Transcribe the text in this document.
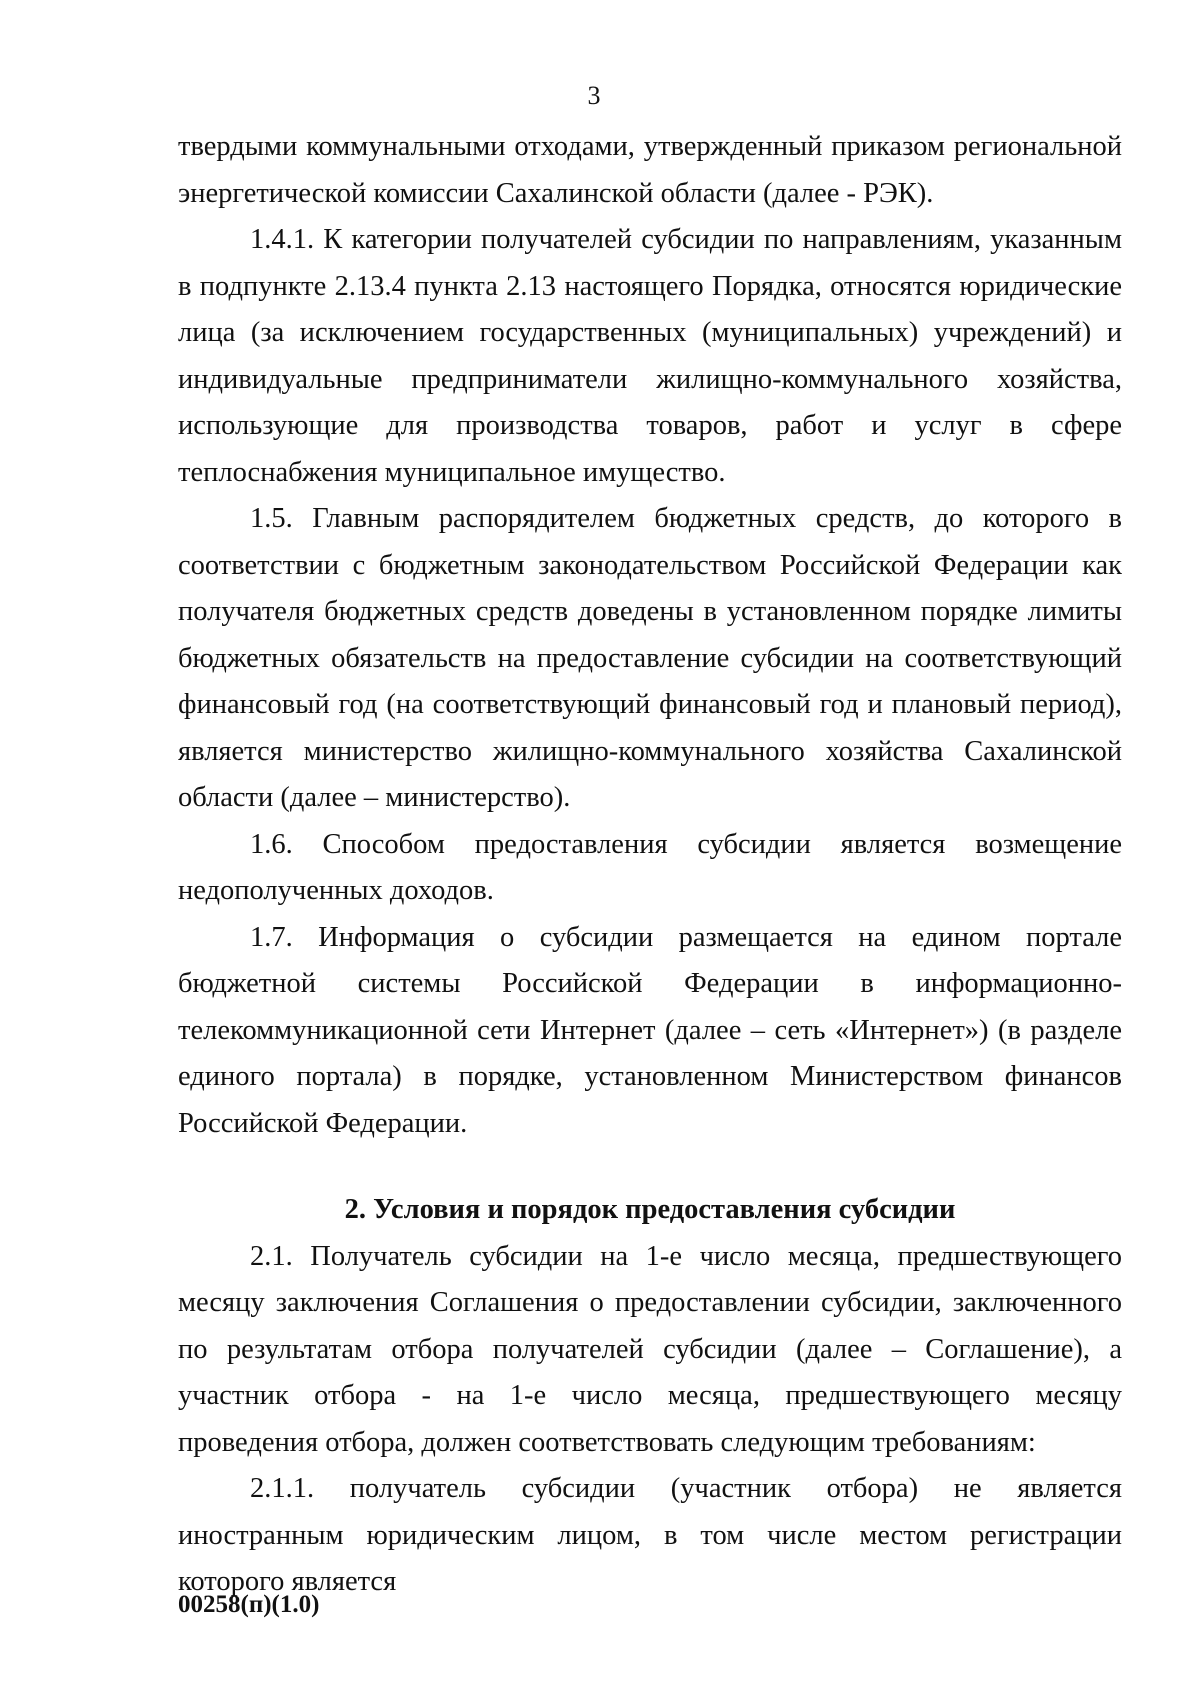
3

твердыми коммунальными отходами, утвержденный приказом региональной энергетической комиссии Сахалинской области (далее - РЭК).

1.4.1. К категории получателей субсидии по направлениям, указанным в подпункте 2.13.4 пункта 2.13 настоящего Порядка, относятся юридические лица (за исключением государственных (муниципальных) учреждений) и индивидуальные предприниматели жилищно-коммунального хозяйства, использующие для производства товаров, работ и услуг в сфере теплоснабжения муниципальное имущество.

1.5. Главным распорядителем бюджетных средств, до которого в соответствии с бюджетным законодательством Российской Федерации как получателя бюджетных средств доведены в установленном порядке лимиты бюджетных обязательств на предоставление субсидии на соответствующий финансовый год (на соответствующий финансовый год и плановый период), является министерство жилищно-коммунального хозяйства Сахалинской области (далее – министерство).

1.6. Способом предоставления субсидии является возмещение недополученных доходов.

1.7. Информация о субсидии размещается на едином портале бюджетной системы Российской Федерации в информационно-телекоммуникационной сети Интернет (далее – сеть «Интернет») (в разделе единого портала) в порядке, установленном Министерством финансов Российской Федерации.

2. Условия и порядок предоставления субсидии

2.1. Получатель субсидии на 1-е число месяца, предшествующего месяцу заключения Соглашения о предоставлении субсидии, заключенного по результатам отбора получателей субсидии (далее – Соглашение), а участник отбора - на 1-е число месяца, предшествующего месяцу проведения отбора, должен соответствовать следующим требованиям:

2.1.1. получатель субсидии (участник отбора) не является иностранным юридическим лицом, в том числе местом регистрации которого является

00258(п)(1.0)
